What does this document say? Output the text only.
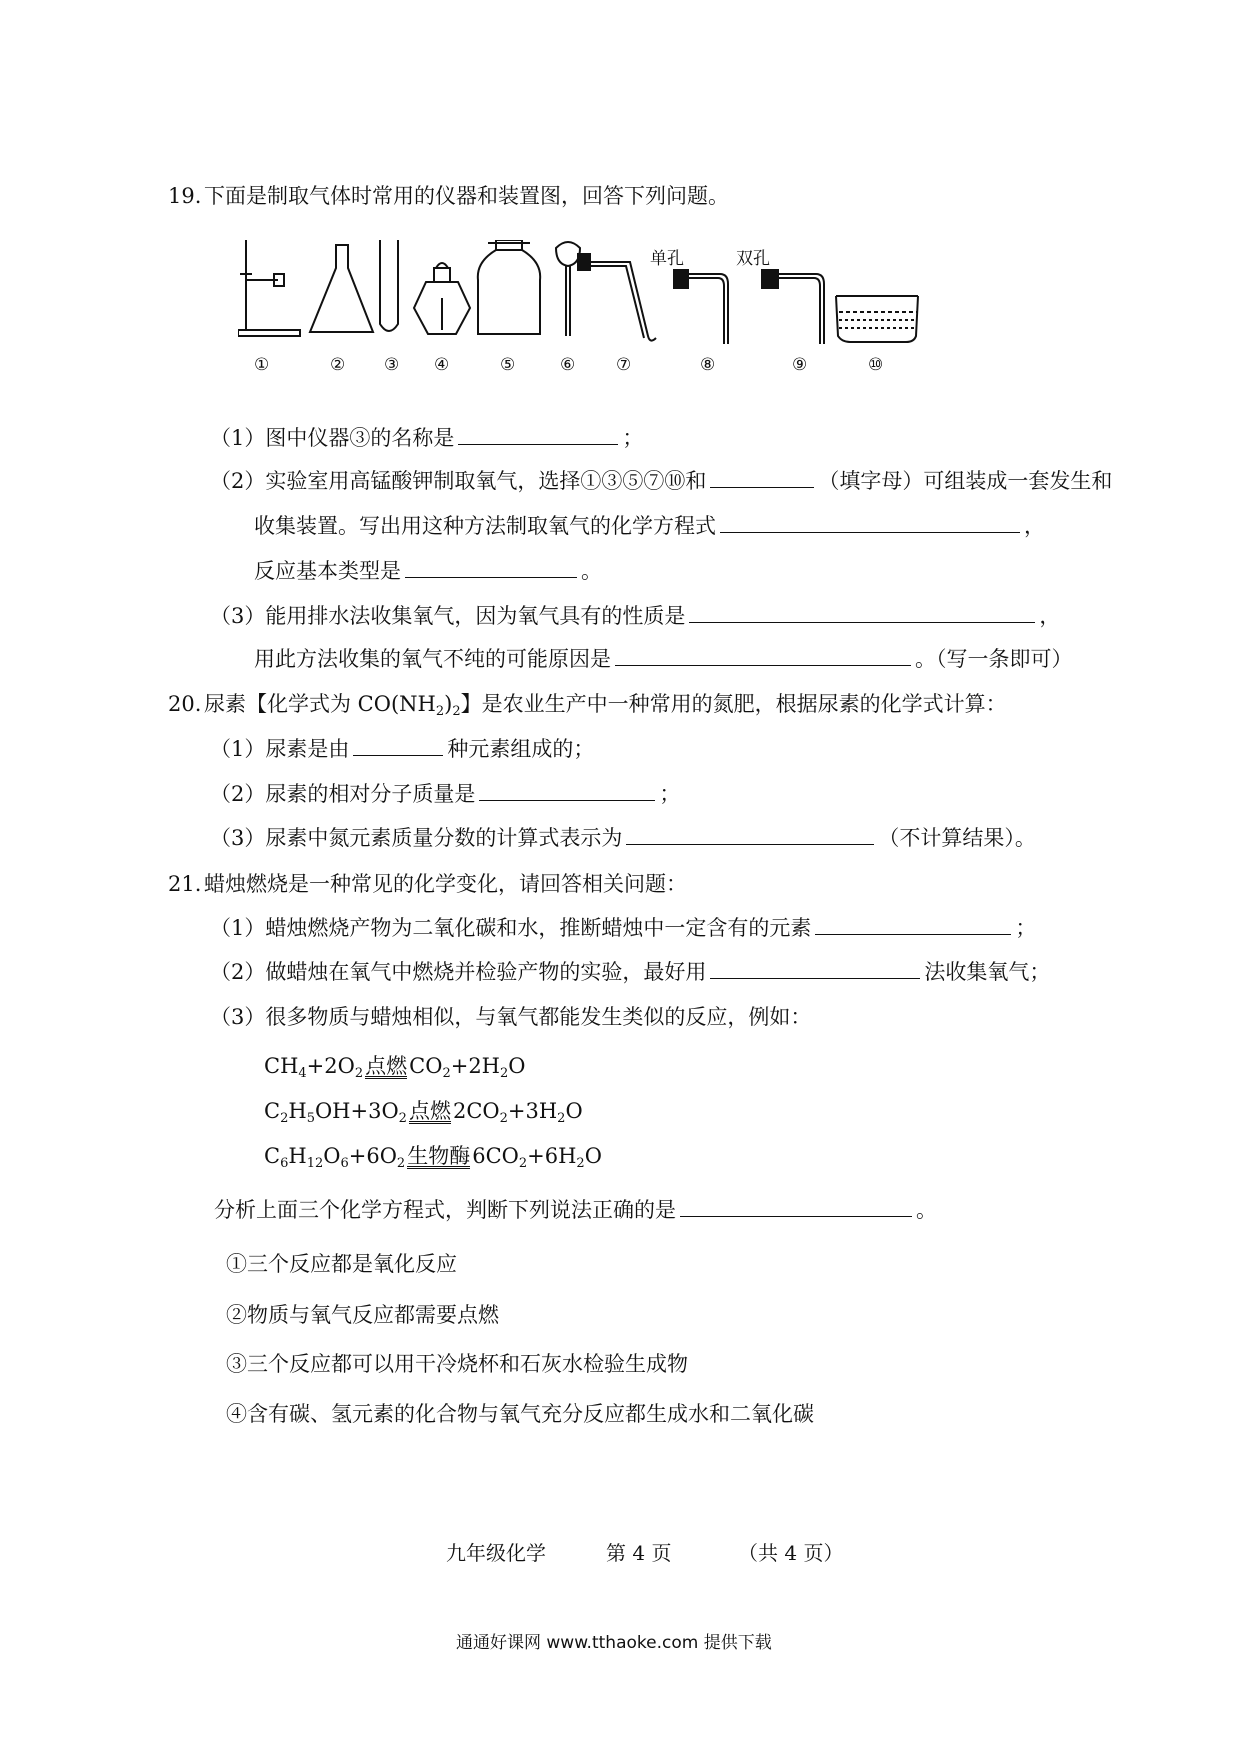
19. 下面是制取气体时常用的仪器和装置图，回答下列问题。
单孔	双孔
①	② ③ ④	⑤	⑥ ⑦	⑧	⑨	⑩
（1）图中仪器③的名称是	；
（2）实验室用高锰酸钾制取氧气，选择①③⑤⑦⑩和	（填字母）可组装成一套发生和
收集装置。写出用这种方法制取氧气的化学方程式	，
反应基本类型是	。
（3）能用排水法收集氧气，因为氧气具有的性质是	，
用此方法收集的氧气不纯的可能原因是	。（写一条即可）
20. 尿素【化学式为 $CO(NH_2)_2$】是农业生产中一种常用的氮肥，根据尿素的化学式计算：
（1）尿素是由	种元素组成的；
（2）尿素的相对分子质量是	；
（3）尿素中氮元素质量分数的计算式表示为	（不计算结果）。
21. 蜡烛燃烧是一种常见的化学变化，请回答相关问题：
（1）蜡烛燃烧产物为二氧化碳和水，推断蜡烛中一定含有的元素	；
（2）做蜡烛在氧气中燃烧并检验产物的实验，最好用	法收集氧气；
（3）很多物质与蜡烛相似，与氧气都能发生类似的反应，例如：
$CH_4+2O_2$点燃$CO_2+2H_2O$
$C_2H_5OH+3O_2$点燃$2CO_2+3H_2O$
$C_6H_{12}O_6+6O_2$生物酶$6CO_2+6H_2O$
分析上面三个化学方程式，判断下列说法正确的是	。
①三个反应都是氧化反应
②物质与氧气反应都需要点燃
③三个反应都可以用干冷烧杯和石灰水检验生成物
④含有碳、氢元素的化合物与氧气充分反应都生成水和二氧化碳
九年级化学	第 4 页	（共 4 页）
通通好课网 www.tthaoke.com 提供下载
